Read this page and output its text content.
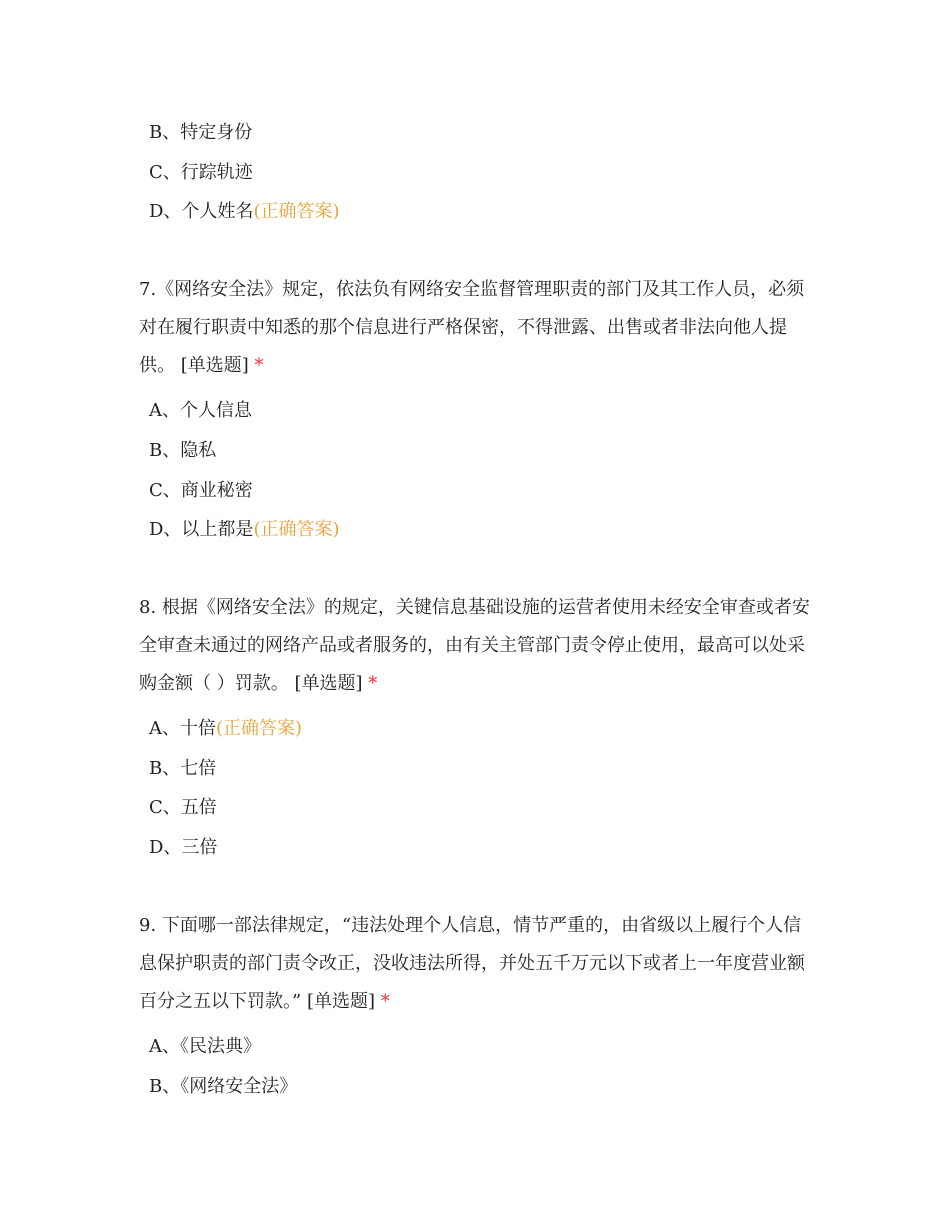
B、特定身份
C、行踪轨迹
D、个人姓名(正确答案)
7.《网络安全法》规定，依法负有网络安全监督管理职责的部门及其工作人员，必须对在履行职责中知悉的那个信息进行严格保密，不得泄露、出售或者非法向他人提供。 [单选题] *
A、个人信息
B、隐私
C、商业秘密
D、以上都是(正确答案)
8. 根据《网络安全法》的规定，关键信息基础设施的运营者使用未经安全审查或者安全审查未通过的网络产品或者服务的，由有关主管部门责令停止使用，最高可以处采购金额（ ）罚款。 [单选题] *
A、十倍(正确答案)
B、七倍
C、五倍
D、三倍
9. 下面哪一部法律规定，“违法处理个人信息，情节严重的，由省级以上履行个人信息保护职责的部门责令改正，没收违法所得，并处五千万元以下或者上一年度营业额百分之五以下罚款。” [单选题] *
A、《民法典》
B、《网络安全法》
